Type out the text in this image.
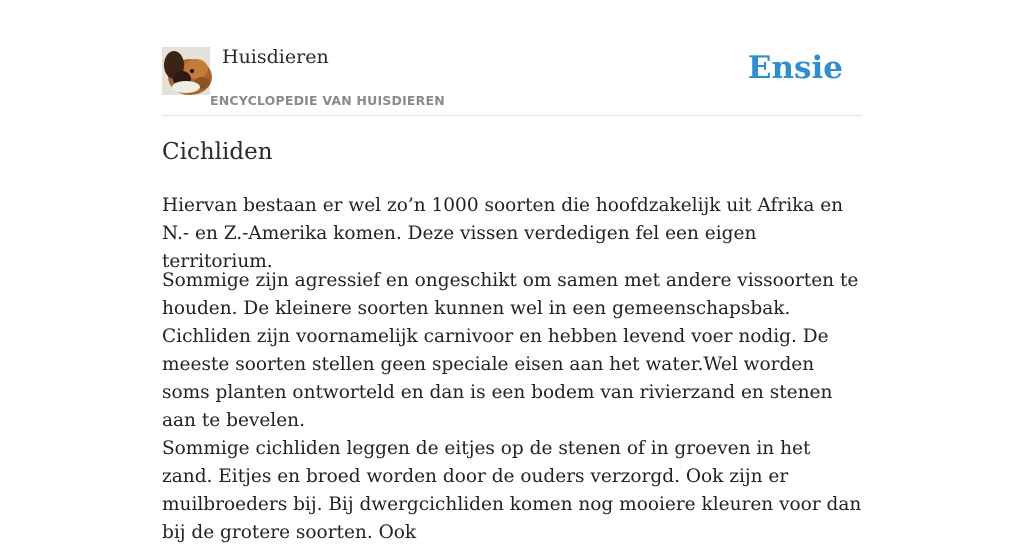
Huisdieren
ENCYCLOPEDIE VAN HUISDIEREN
Ensie
Cichliden

Hiervan bestaan er wel zo’n 1000 soorten die hoofdzakelijk uit Afrika en N.- en Z.-Amerika komen. Deze vissen verdedigen fel een eigen territorium.

Sommige zijn agressief en ongeschikt om samen met andere vissoorten te houden. De kleinere soorten kunnen wel in een gemeenschapsbak. Cichliden zijn voornamelijk carnivoor en hebben levend voer nodig. De meeste soorten stellen geen speciale eisen aan het water.Wel worden soms planten ontworteld en dan is een bodem van rivierzand en stenen aan te bevelen.

Sommige cichliden leggen de eitjes op de stenen of in groeven in het zand. Eitjes en broed worden door de ouders verzorgd. Ook zijn er muilbroeders bij. Bij dwergcichliden komen nog mooiere kleuren voor dan bij de grotere soorten. Ook
